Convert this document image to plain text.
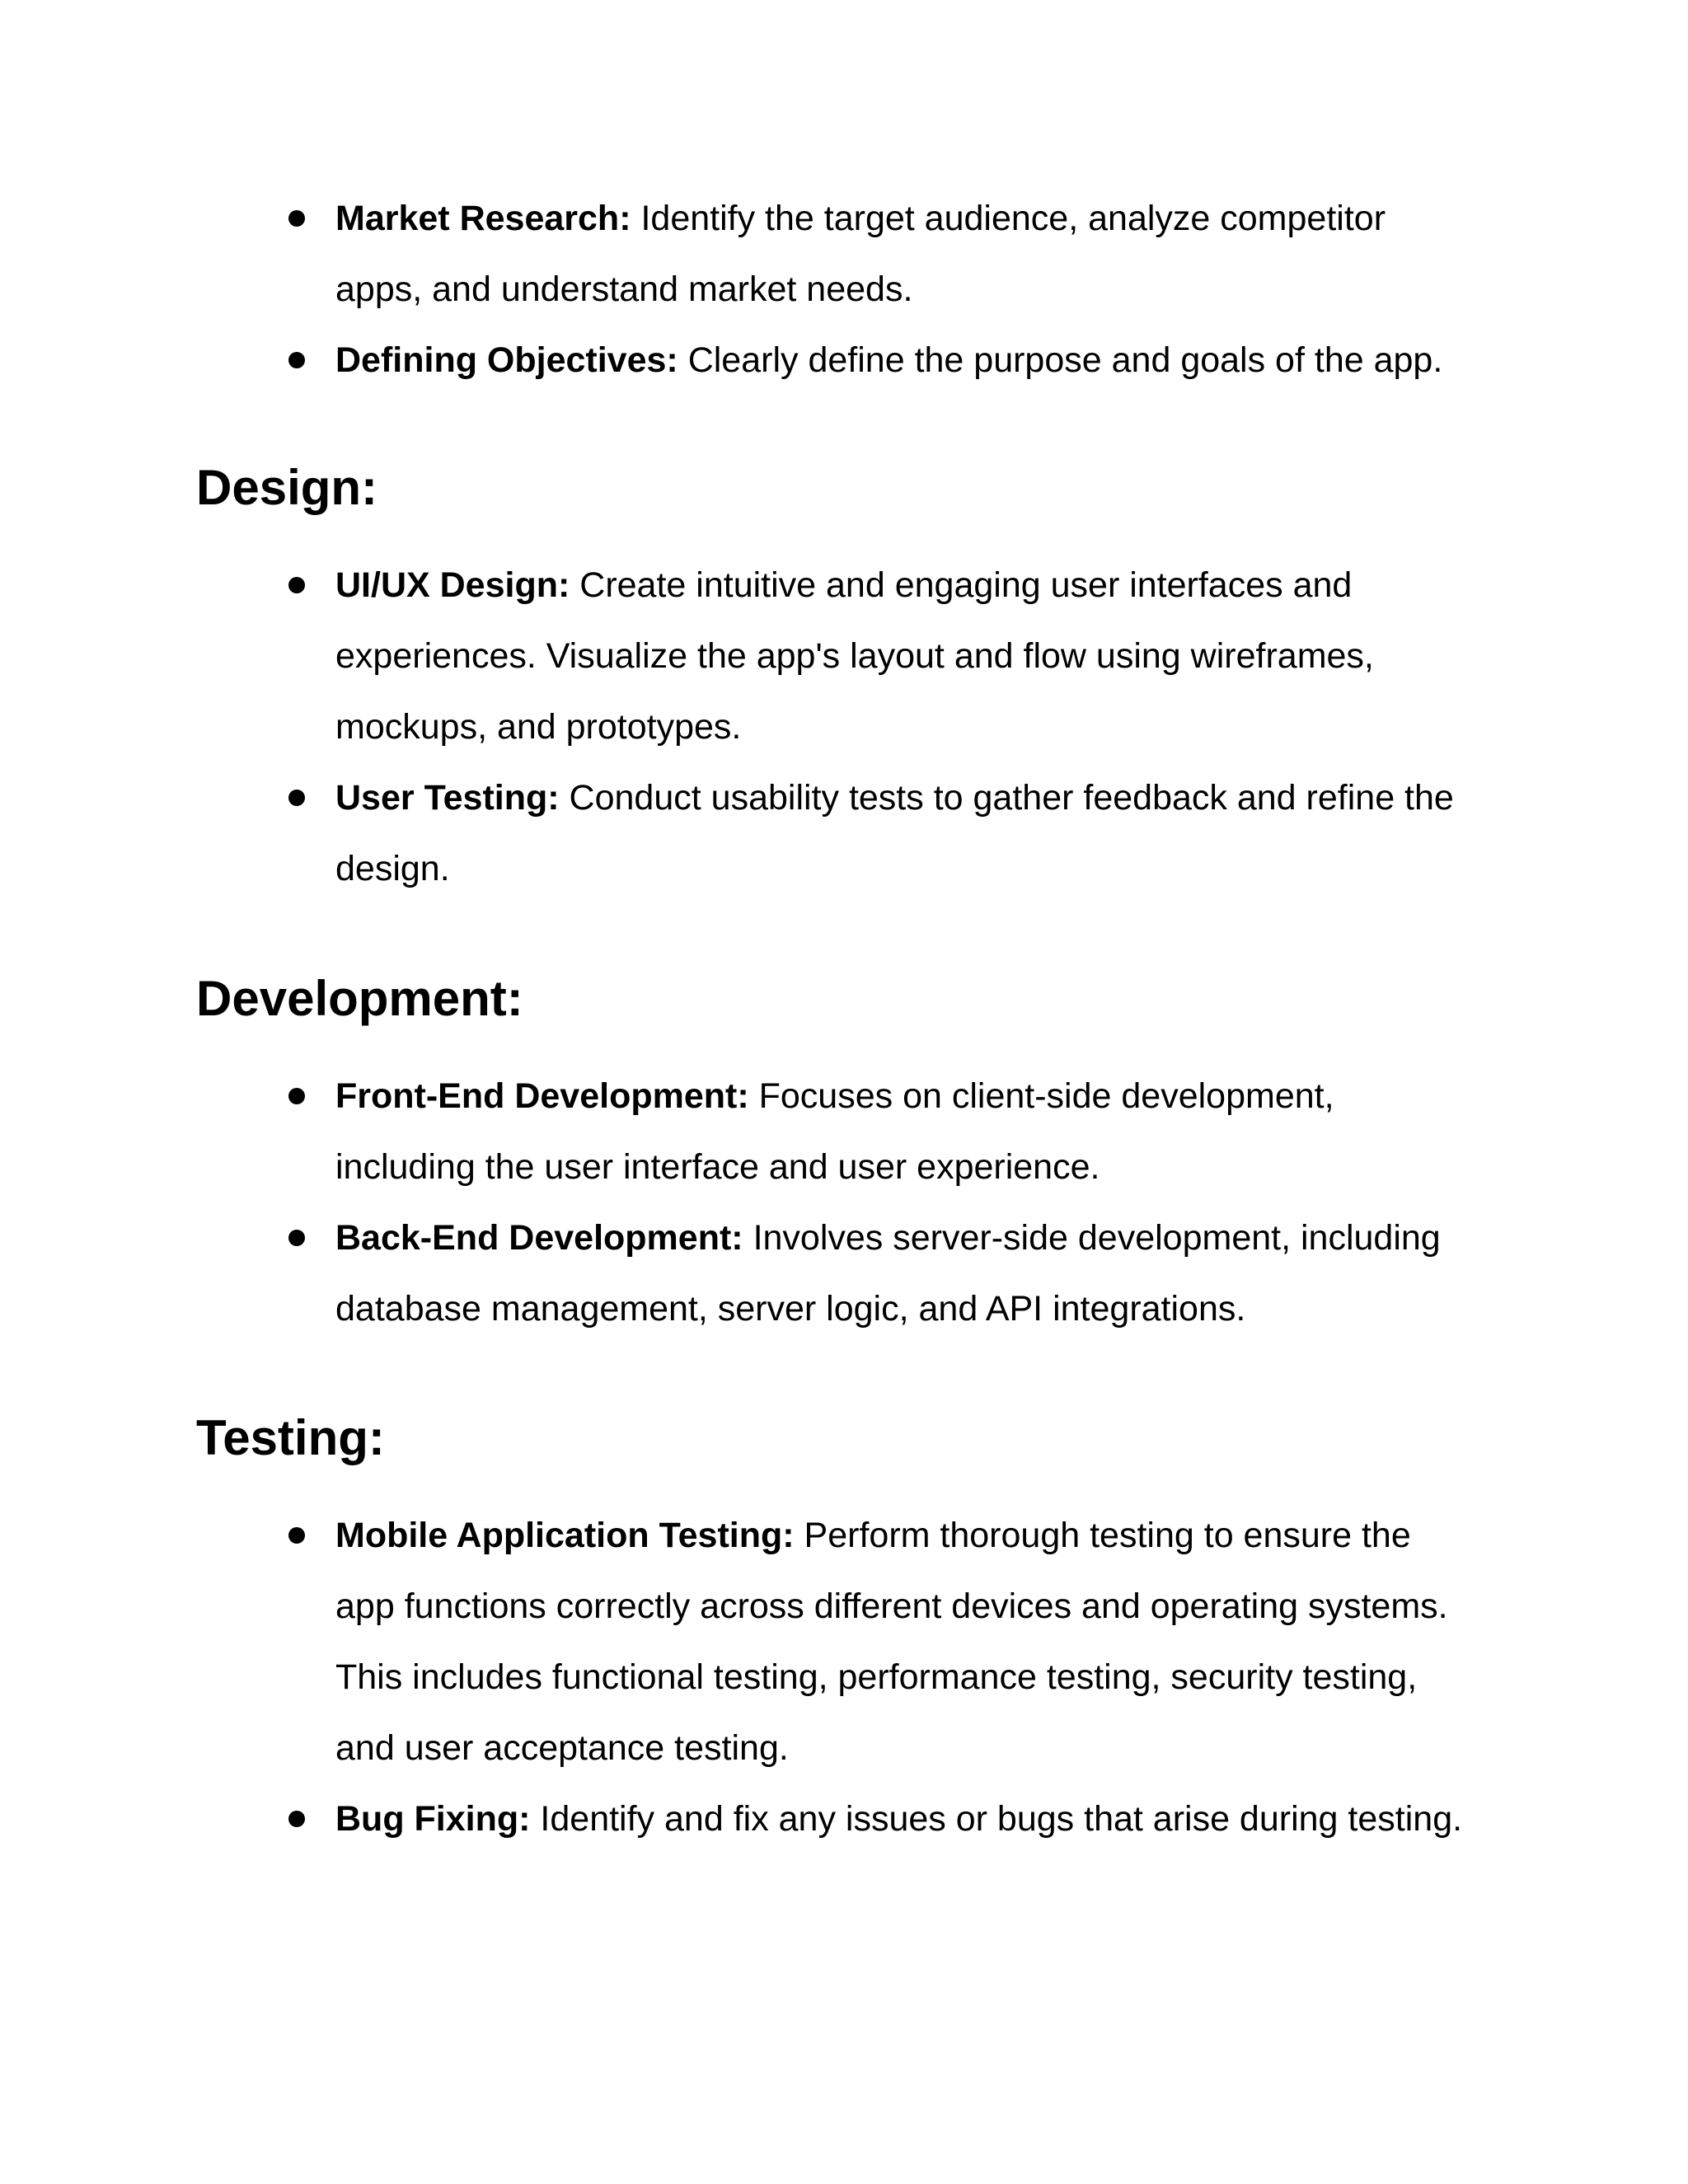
Market Research: Identify the target audience, analyze competitor apps, and understand market needs.
Defining Objectives: Clearly define the purpose and goals of the app.
Design:
UI/UX Design: Create intuitive and engaging user interfaces and experiences. Visualize the app's layout and flow using wireframes, mockups, and prototypes.
User Testing: Conduct usability tests to gather feedback and refine the design.
Development:
Front-End Development: Focuses on client-side development, including the user interface and user experience.
Back-End Development: Involves server-side development, including database management, server logic, and API integrations.
Testing:
Mobile Application Testing: Perform thorough testing to ensure the app functions correctly across different devices and operating systems. This includes functional testing, performance testing, security testing, and user acceptance testing.
Bug Fixing: Identify and fix any issues or bugs that arise during testing.
